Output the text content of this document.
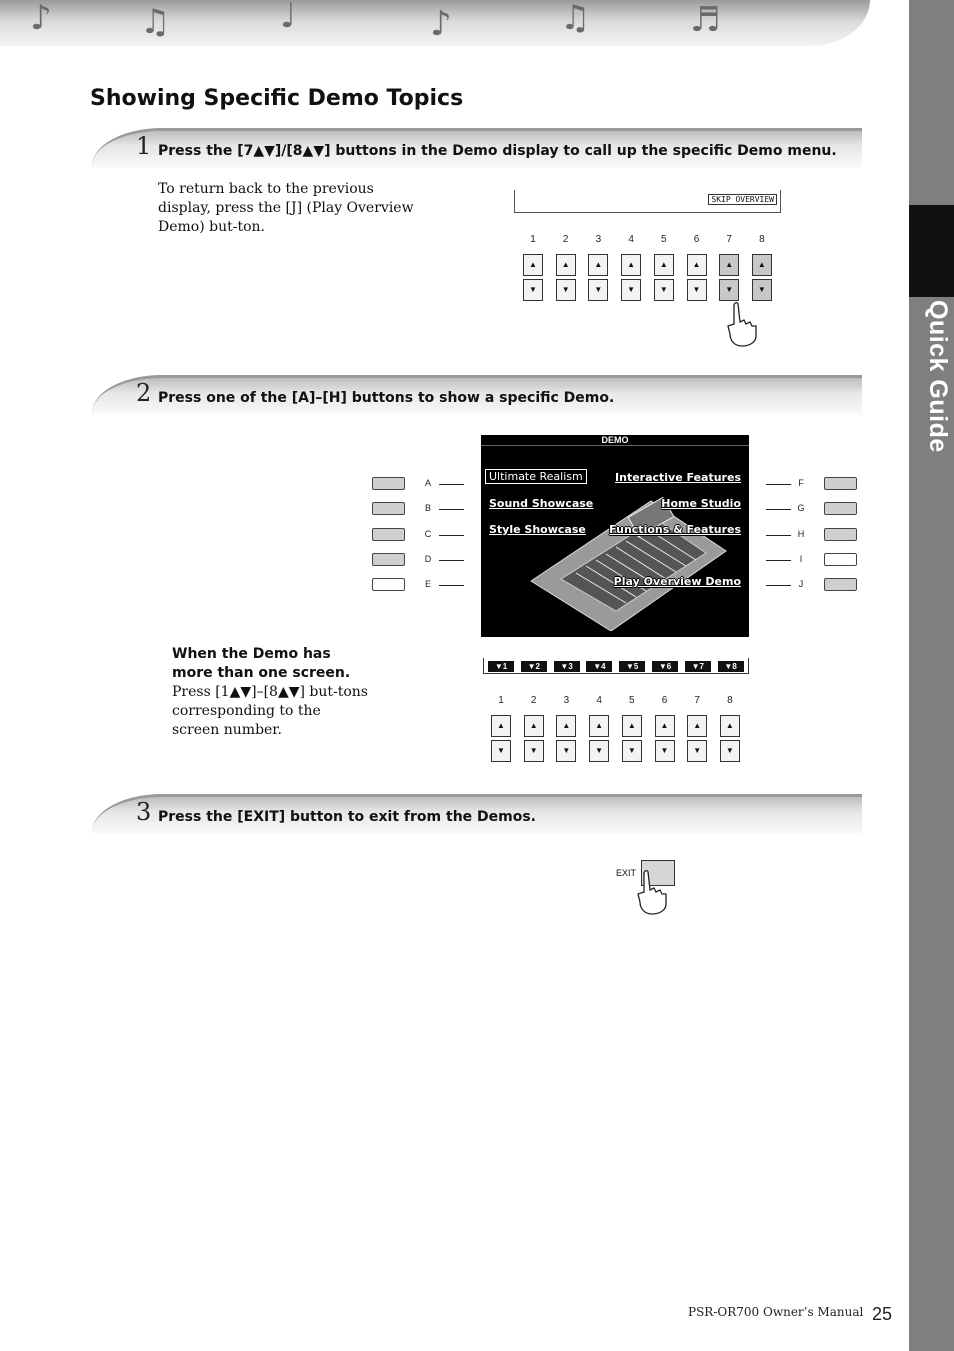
♪	♫	♩	♪	♫	♬
Quick Guide
Showing Specific Demo Topics
1 Press the [7▲▼]/[8▲▼] buttons in the Demo display to call up the specific Demo menu.
To return back to the previous display, press the [J] (Play Overview Demo) but-ton.
SKIP OVERVIEW
1
▲
▼
2
▲
▼
3
▲
▼
4
▲
▼
5
▲
▼
6
▲
▼
7
▲
▼
8
▲
▼
2 Press one of the [A]–[H] buttons to show a specific Demo.
A
B
C
D
E
F
G
H
I
J
DEMO
Ultimate Realism
Sound Showcase
Style Showcase
Interactive Features
Home Studio
Functions & Features
Play Overview Demo
▼1	▼2	▼3	▼4	▼5	▼6	▼7	▼8
When the Demo has more than one screen.
Press [1▲▼]–[8▲▼] but-tons corresponding to the screen number.
1
▲
▼
2
▲
▼
3
▲
▼
4
▲
▼
5
▲
▼
6
▲
▼
7
▲
▼
8
▲
▼
3 Press the [EXIT] button to exit from the Demos.
EXIT
PSR-OR700 Owner’s Manual 25
